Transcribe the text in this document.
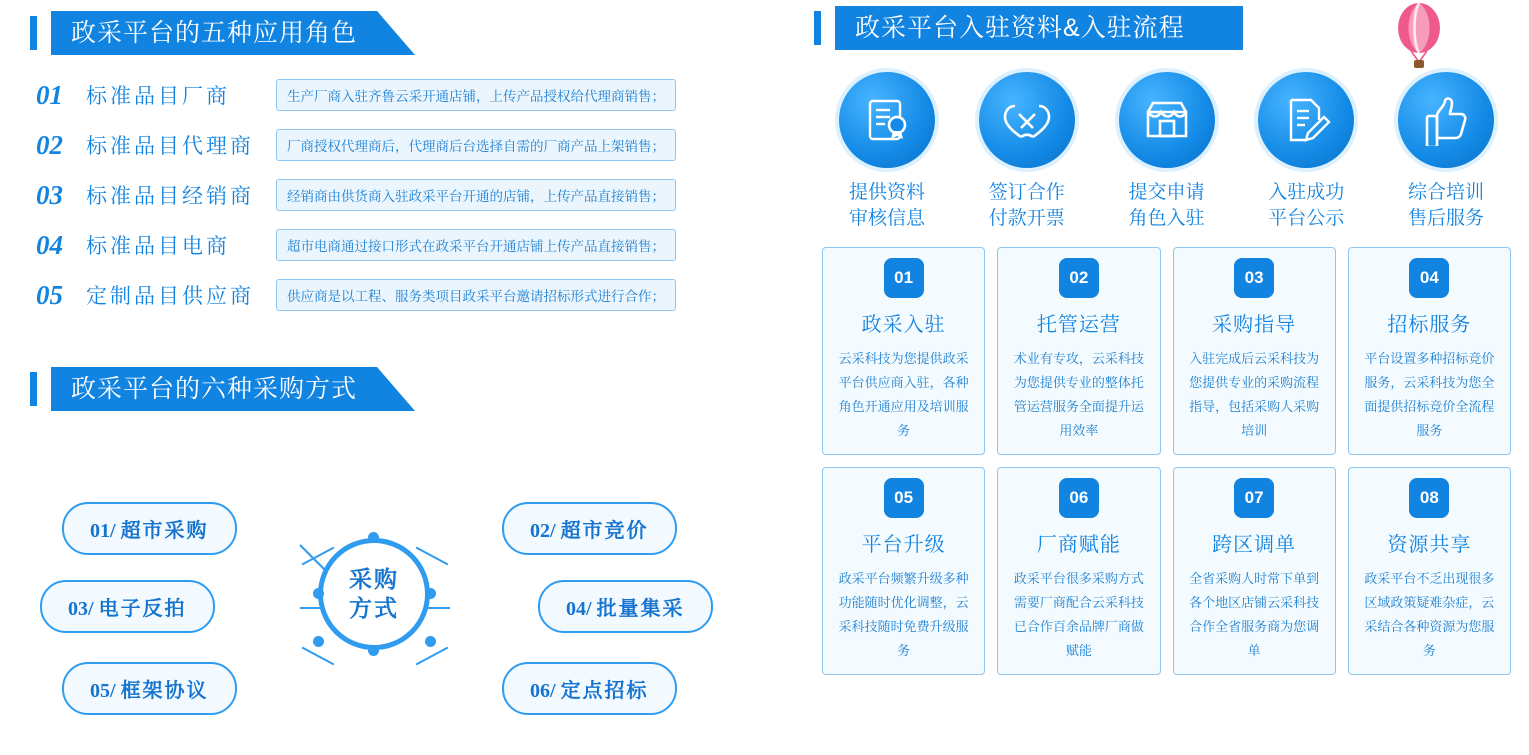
政采平台的五种应用角色
01	标准品目厂商	生产厂商入驻齐鲁云采开通店铺，上传产品授权给代理商销售；
02	标准品目代理商	厂商授权代理商后，代理商后台选择自需的厂商产品上架销售；
03	标准品目经销商	经销商由供货商入驻政采平台开通的店铺，上传产品直接销售；
04	标准品目电商	超市电商通过接口形式在政采平台开通店铺上传产品直接销售；
05	定制品目供应商	供应商是以工程、服务类项目政采平台邀请招标形式进行合作；
政采平台的六种采购方式
采购
方式
01/ 超市采购	02/ 超市竞价
03/ 电子反拍	04/ 批量集采
05/ 框架协议	06/ 定点招标
政采平台入驻资料&入驻流程
提供资料
审核信息
签订合作
付款开票
提交申请
角色入驻
入驻成功
平台公示
综合培训
售后服务
01
政采入驻
云采科技为您提供政采平台供应商入驻，各种角色开通应用及培训服务
02
托管运营
术业有专攻，云采科技为您提供专业的整体托管运营服务全面提升运用效率
03
采购指导
入驻完成后云采科技为您提供专业的采购流程指导，包括采购人采购培训
04
招标服务
平台设置多种招标竞价服务，云采科技为您全面提供招标竞价全流程服务
05
平台升级
政采平台频繁升级多种功能随时优化调整，云采科技随时免费升级服务
06
厂商赋能
政采平台很多采购方式需要厂商配合云采科技已合作百余品牌厂商做赋能
07
跨区调单
全省采购人时常下单到各个地区店铺云采科技合作全省服务商为您调单
08
资源共享
政采平台不乏出现很多区域政策疑难杂症，云采结合各种资源为您服务
